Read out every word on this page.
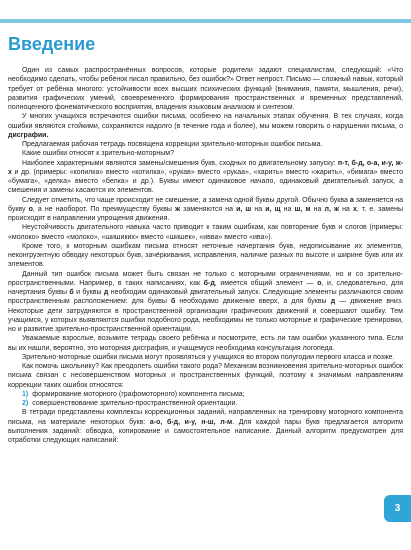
Введение

Один из самых распространённых вопросов, которые родители задают специалистам, следующий: «Что необходимо сделать, чтобы ребёнок писал правильно, без ошибок?» Ответ непрост. Письмо — сложный навык, который требует от ребёнка многого: устойчивости всех высших психических функций (внимания, памяти, мышления, речи), развития графических умений, своевременного формирования пространственных и временных представлений, полноценного фонематического восприятия, владения языковым анализом и синтезом.

У многих учащихся встречаются ошибки письма, особенно на начальных этапах обучения. В тех случаях, когда ошибки являются стойкими, сохраняются надолго (в течение года и более), мы можем говорить о нарушении письма, о дисграфии.

Предлагаемая рабочая тетрадь посвящена коррекции зрительно-моторных ошибок письма.

Какие ошибки относят к зрительно-моторным?

Наиболее характерными являются замены/смешения букв, сходных по двигательному запуску: п-т, б-д, о-а, и-у, ж-х и др. (примеры: «копилка» вместо «котилка», «рукав» вместо «рукаа», «харить» вместо «жарить», «бимага» вместо «бумага», «делка» вместо «белка» и др.). Буквы имеют одинаковое начало, одинаковый двигательный запуск, а смешения и замены касаются их элементов.

Следует отметить, что чаще происходит не смешение, а замена одной буквы другой. Обычно буква а заменяется на букву о, а не наоборот. По преимуществу буквы ж заменяются на и, ш на и, щ на ш, м на л, ж на х, т. е. замены происходят в направлении упрощения движения.

Неустойчивость двигательного навыка часто приводит к таким ошибкам, как повторение букв и слогов (примеры: «молоко» вместо «молоко», «шишиких» вместо «шишек», «ивва» вместо «ива»).

Кроме того, к моторным ошибкам письма относят неточные начертания букв, недописывание их элементов, неконгруэнтную обводку некоторых букв, зачёркивания, исправления, наличие разных по высоте и ширине букв или их элементов.

Данный тип ошибок письма может быть связан не только с моторными ограничениями, но и со зрительно-пространственными. Например, в таких написаниях, как б-д, имеется общий элемент — о, и, следовательно, для начертания буквы б и буквы д необходим одинаковый двигательный запуск. Следующие элементы различаются своим пространственным расположением: для буквы б необходимо движение вверх, а для буквы д — движение вниз. Некоторые дети затрудняются в пространственной организации графических движений и совершают ошибку. Тем учащимся, у которых выявляются ошибки подобного рода, необходимы не только моторные и графические тренировки, но и развитие зрительно-пространственной ориентации.

Уважаемые взрослые, возьмите тетрадь своего ребёнка и посмотрите, есть ли там ошибки указанного типа. Если вы их нашли, вероятно, это моторная дисграфия, и учащемуся необходима консультация логопеда.

Зрительно-моторные ошибки письма могут проявляться у учащихся во втором полугодии первого класса и позже.

Как помочь школьнику? Как преодолеть ошибки такого рода? Механизм возникновения зрительно-моторных ошибок письма связан с несовершенством моторных и пространственных функций, поэтому к значимым направлениям коррекции таких ошибок относятся:

1) формирование моторного (графомоторного) компонента письма;

2) совершенствование зрительно-пространственной ориентации.

В тетради представлены комплексы коррекционных заданий, направленных на тренировку моторного компонента письма, на материале некоторых букв: а-о, б-д, и-у, н-ш, л-м. Для каждой пары букв предлагается алгоритм выполнения заданий: обводка, копирование и самостоятельное написание. Данный алгоритм предусмотрен для отработки следующих написаний:

3
